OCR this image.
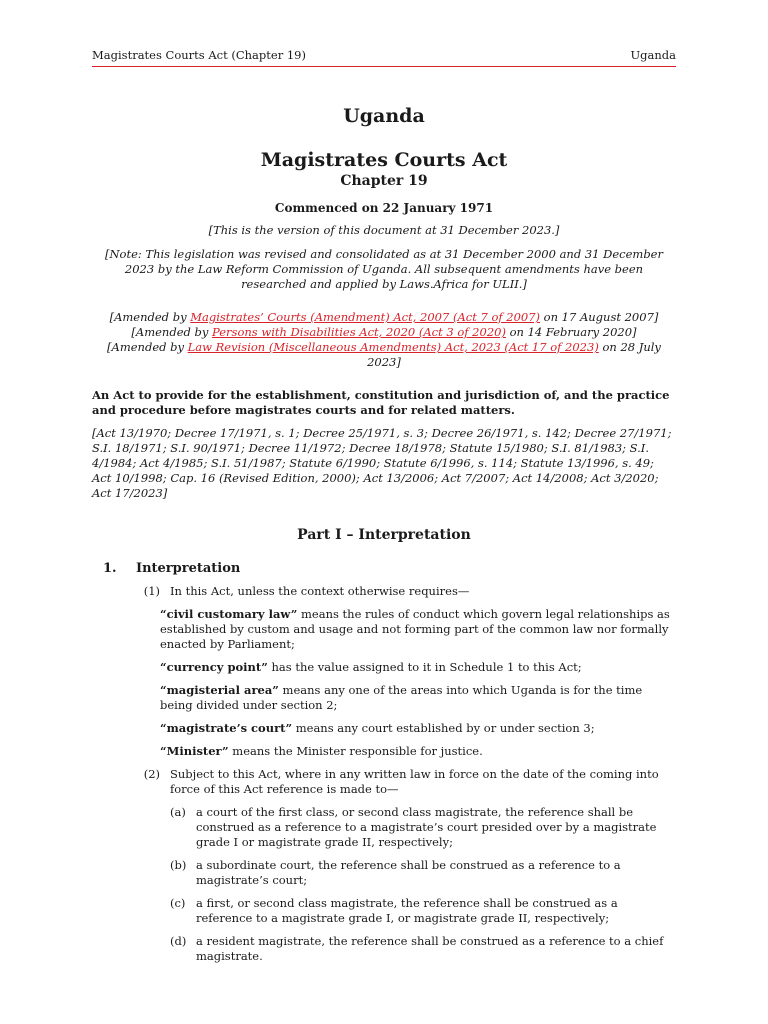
Magistrates Courts Act (Chapter 19)	Uganda
Uganda
Magistrates Courts Act
Chapter 19
Commenced on 22 January 1971
[This is the version of this document at 31 December 2023.]
[Note: This legislation was revised and consolidated as at 31 December 2000 and 31 December 2023 by the Law Reform Commission of Uganda. All subsequent amendments have been researched and applied by Laws.Africa for ULII.]
[Amended by Magistrates’ Courts (Amendment) Act, 2007 (Act 7 of 2007) on 17 August 2007]
[Amended by Persons with Disabilities Act, 2020 (Act 3 of 2020) on 14 February 2020]
[Amended by Law Revision (Miscellaneous Amendments) Act, 2023 (Act 17 of 2023) on 28 July 2023]
An Act to provide for the establishment, constitution and jurisdiction of, and the practice and procedure before magistrates courts and for related matters.
[Act 13/1970; Decree 17/1971, s. 1; Decree 25/1971, s. 3; Decree 26/1971, s. 142; Decree 27/1971; S.I. 18/1971; S.I. 90/1971; Decree 11/1972; Decree 18/1978; Statute 15/1980; S.I. 81/1983; S.I. 4/1984; Act 4/1985; S.I. 51/1987; Statute 6/1990; Statute 6/1996, s. 114; Statute 13/1996, s. 49; Act 10/1998; Cap. 16 (Revised Edition, 2000); Act 13/2006; Act 7/2007; Act 14/2008; Act 3/2020; Act 17/2023]
Part I – Interpretation
1.	Interpretation
(1) In this Act, unless the context otherwise requires—
“civil customary law” means the rules of conduct which govern legal relationships as established by custom and usage and not forming part of the common law nor formally enacted by Parliament;
“currency point” has the value assigned to it in Schedule 1 to this Act;
“magisterial area” means any one of the areas into which Uganda is for the time being divided under section 2;
“magistrate’s court” means any court established by or under section 3;
“Minister” means the Minister responsible for justice.
(2) Subject to this Act, where in any written law in force on the date of the coming into force of this Act reference is made to—
(a) a court of the first class, or second class magistrate, the reference shall be construed as a reference to a magistrate’s court presided over by a magistrate grade I or magistrate grade II, respectively;
(b) a subordinate court, the reference shall be construed as a reference to a magistrate’s court;
(c) a first, or second class magistrate, the reference shall be construed as a reference to a magistrate grade I, or magistrate grade II, respectively;
(d) a resident magistrate, the reference shall be construed as a reference to a chief magistrate.
